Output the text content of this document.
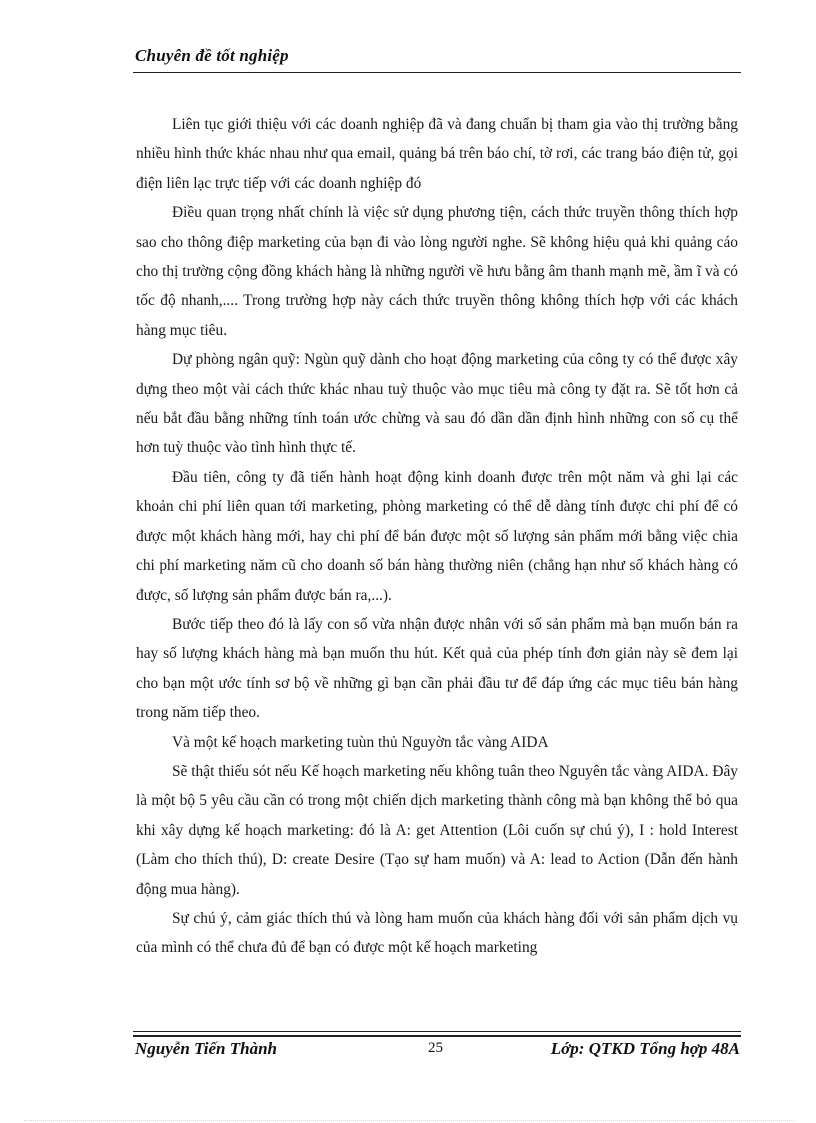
Chuyên đề tốt nghiệp

Liên tục giới thiệu với các doanh nghiệp đã và đang chuẩn bị tham gia vào thị trường bằng nhiều hình thức khác nhau như qua email, quảng bá trên báo chí, tờ rơi, các trang báo điện tử, gọi điện liên lạc trực tiếp với các doanh nghiệp đó

Điều quan trọng nhất chính là việc sử dụng phương tiện, cách thức truyền thông thích hợp sao cho thông điệp marketing của bạn đi vào lòng người nghe. Sẽ không hiệu quả khi quảng cáo cho thị trường cộng đồng khách hàng là những người về hưu bằng âm thanh mạnh mẽ, ầm ĩ và có tốc độ nhanh,.... Trong trường hợp này cách thức truyền thông không thích hợp với các khách hàng mục tiêu.

Dự phòng ngân quỹ: Ngùn quỹ dành cho hoạt động marketing của công ty có thể được xây dựng theo một vài cách thức khác nhau tuỳ thuộc vào mục tiêu mà công ty đặt ra. Sẽ tốt hơn cả nếu bắt đầu bằng những tính toán ước chừng và sau đó dần dần định hình những con số cụ thể hơn tuỳ thuộc vào tình hình thực tế.

Đầu tiên, công ty đã tiến hành hoạt động kinh doanh được trên một năm và ghi lại các khoản chi phí liên quan tới marketing, phòng marketing có thể dễ dàng tính được chi phí để có được một khách hàng mới, hay chi phí để bán được một số lượng sản phẩm mới bằng việc chia chi phí marketing năm cũ cho doanh số bán hàng thường niên (chẳng hạn như số khách hàng có được, số lượng sản phẩm được bán ra,...).

Bước tiếp theo đó là lấy con số vừa nhận được nhân với số sản phẩm mà bạn muốn bán ra hay số lượng khách hàng mà bạn muốn thu hút. Kết quả của phép tính đơn giản này sẽ đem lại cho bạn một ước tính sơ bộ về những gì bạn cần phải đầu tư để đáp ứng các mục tiêu bán hàng trong năm tiếp theo.

Và một kế hoạch marketing tuùn thủ Nguyờn tắc vàng AIDA

Sẽ thật thiếu sót nếu Kế hoạch marketing nếu không tuân theo Nguyên tắc vàng AIDA. Đây là một bộ 5 yêu cầu cần có trong một chiến dịch marketing thành công mà bạn không thể bỏ qua khi xây dựng kế hoạch marketing: đó là A: get Attention (Lôi cuốn sự chú ý), I : hold Interest (Làm cho thích thú), D: create Desire (Tạo sự ham muốn) và A: lead to Action (Dẫn đến hành động mua hàng).

Sự chú ý, cảm giác thích thú và lòng ham muốn của khách hàng đối với sản phẩm dịch vụ của mình có thể chưa đủ để bạn có được một kế hoạch marketing

Nguyễn Tiến Thành	25	Lớp: QTKD Tổng hợp 48A
